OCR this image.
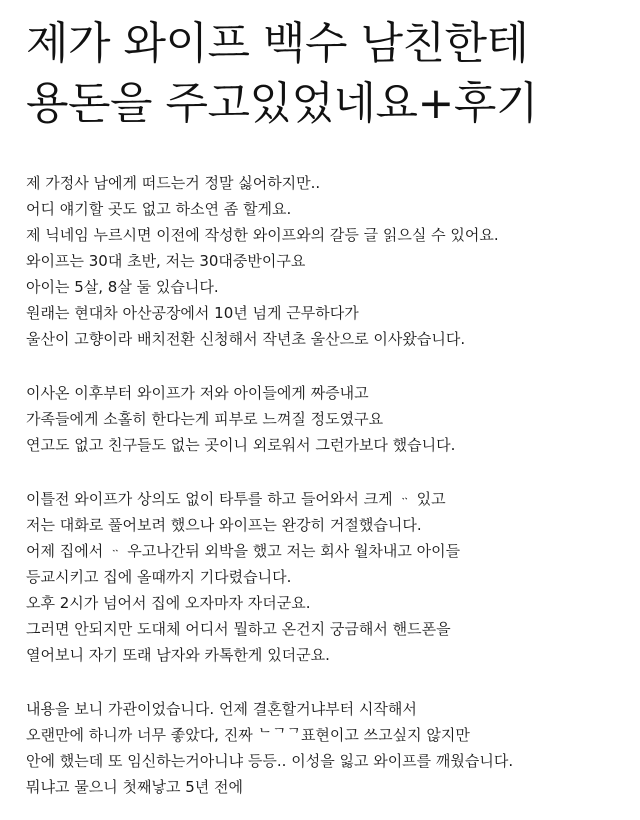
제가 와이프 백수 남친한테
용돈을 주고있었네요+후기
제 가정사 남에게 떠드는거 정말 싫어하지만..
어디 얘기할 곳도 없고 하소연 좀 할게요.
제 닉네임 누르시면 이전에 작성한 와이프와의 갈등 글 읽으실 수 있어요.
와이프는 30대 초반, 저는 30대중반이구요
아이는 5살, 8살 둘 있습니다.
원래는 현대차 아산공장에서 10년 넘게 근무하다가
울산이 고향이라 배치전환 신청해서 작년초 울산으로 이사왔습니다.
이사온 이후부터 와이프가 저와 아이들에게 짜증내고
가족들에게 소홀히 한다는게 피부로 느껴질 정도였구요
연고도 없고 친구들도 없는 곳이니 외로워서 그런가보다 했습니다.
이틀전 와이프가 상의도 없이 타투를 하고 들어와서 크게 ᆢ 있고
저는 대화로 풀어보려 했으나 와이프는 완강히 거절했습니다.
어제 집에서 ᆢ 우고나간뒤 외박을 했고 저는 회사 월차내고 아이들
등교시키고 집에 올때까지 기다렸습니다.
오후 2시가 넘어서 집에 오자마자 자더군요.
그러면 안되지만 도대체 어디서 뭘하고 온건지 궁금해서 핸드폰을
열어보니 자기 또래 남자와 카톡한게 있더군요.
내용을 보니 가관이었습니다. 언제 결혼할거냐부터 시작해서
오랜만에 하니까 너무 좋았다, 진짜 ᄂᄀᄀ표현이고 쓰고싶지 않지만
안에 했는데 또 임신하는거아니냐 등등.. 이성을 잃고 와이프를 깨웠습니다.
뭐냐고 물으니 첫째낳고 5년 전에
